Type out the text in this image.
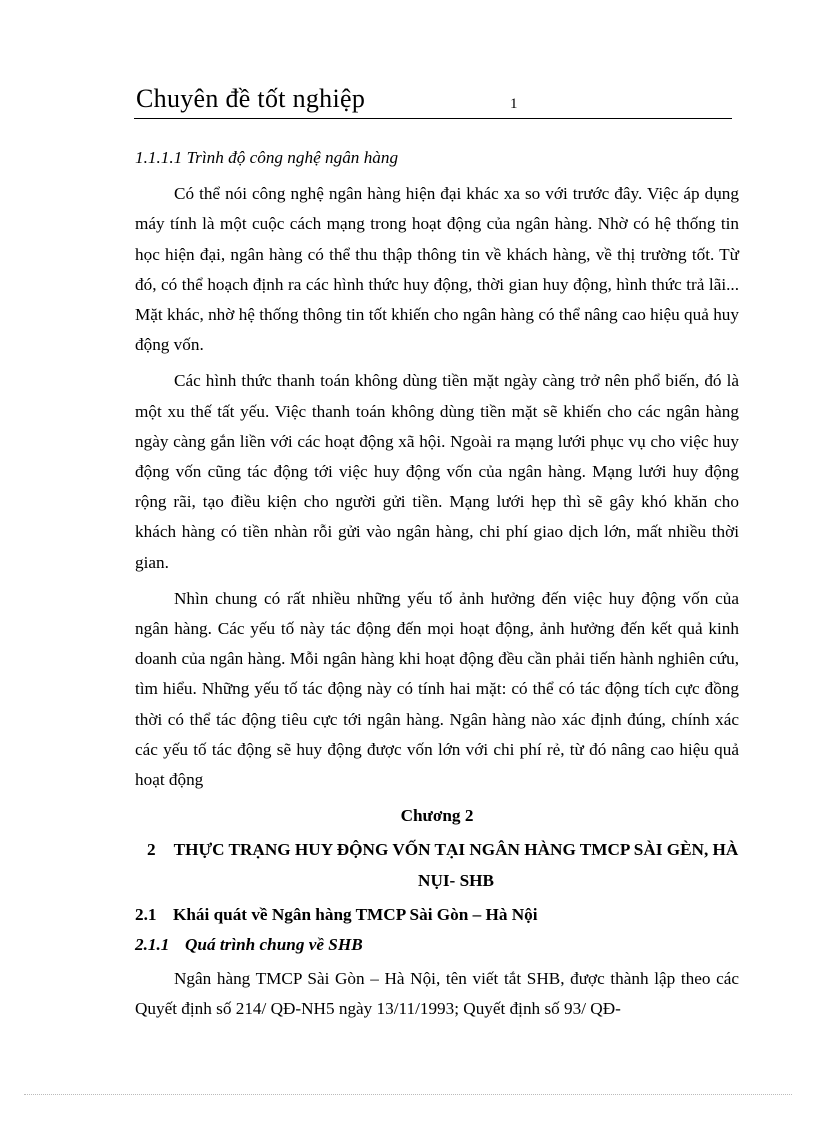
Chuyên đề tốt nghiệp	1
1.1.1.1 Trình độ công nghệ ngân hàng

Có thể nói công nghệ ngân hàng hiện đại khác xa so với trước đây. Việc áp dụng máy tính là một cuộc cách mạng trong hoạt động của ngân hàng. Nhờ có hệ thống tin học hiện đại, ngân hàng có thể thu thập thông tin về khách hàng, về thị trường tốt. Từ đó, có thể hoạch định ra các hình thức huy động, thời gian huy động, hình thức trả lãi... Mặt khác, nhờ hệ thống thông tin tốt khiến cho ngân hàng có thể nâng cao hiệu quả huy động vốn.

Các hình thức thanh toán không dùng tiền mặt ngày càng trở nên phổ biến, đó là một xu thế tất yếu. Việc thanh toán không dùng tiền mặt sẽ khiến cho các ngân hàng ngày càng gắn liền với các hoạt động xã hội. Ngoài ra mạng lưới phục vụ cho việc huy động vốn cũng tác động tới việc huy động vốn của ngân hàng. Mạng lưới huy động rộng rãi, tạo điều kiện cho người gửi tiền. Mạng lưới hẹp thì sẽ gây khó khăn cho khách hàng có tiền nhàn rỗi gửi vào ngân hàng, chi phí giao dịch lớn, mất nhiều thời gian.

Nhìn chung có rất nhiều những yếu tố ảnh hưởng đến việc huy động vốn của ngân hàng. Các yếu tố này tác động đến mọi hoạt động, ảnh hưởng đến kết quả kinh doanh của ngân hàng. Mỗi ngân hàng khi hoạt động đều cần phải tiến hành nghiên cứu, tìm hiểu. Những yếu tố tác động này có tính hai mặt: có thể có tác động tích cực đồng thời có thể tác động tiêu cực tới ngân hàng. Ngân hàng nào xác định đúng, chính xác các yếu tố tác động sẽ huy động được vốn lớn với chi phí rẻ, từ đó nâng cao hiệu quả hoạt động

Chương 2
2 THỰC TRẠNG HUY ĐỘNG VỐN TẠI NGÂN HÀNG TMCP SÀI GÈN, HÀ NỤI- SHB
2.1 Khái quát về Ngân hàng TMCP Sài Gòn – Hà Nội
2.1.1 Quá trình chung về SHB

Ngân hàng TMCP Sài Gòn – Hà Nội, tên viết tắt SHB, được thành lập theo các Quyết định số 214/ QÐ-NH5 ngày 13/11/1993; Quyết định số 93/ QÐ-
